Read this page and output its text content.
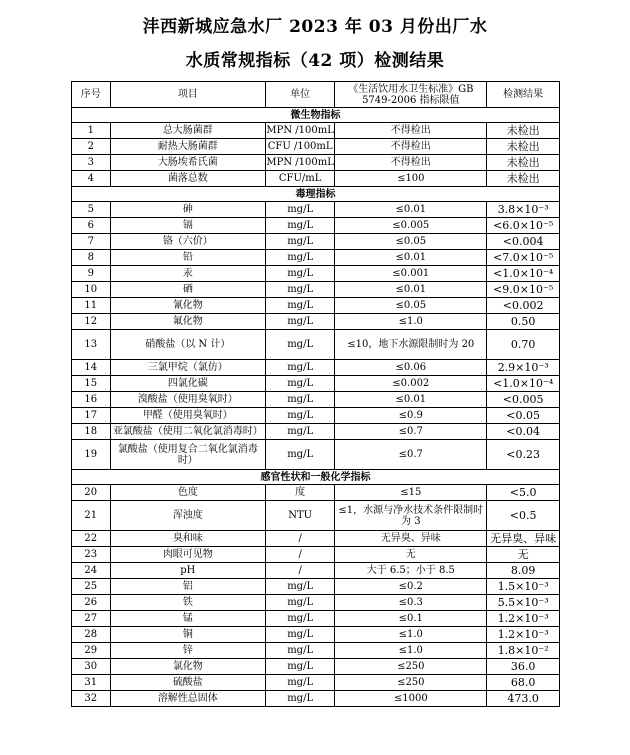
沣西新城应急水厂 2023 年 03 月份出厂水
水质常规指标（42 项）检测结果
序号	项目	单位	《生活饮用水卫生标准》GB 5749-2006 指标限值	检测结果
微生物指标				
1	总大肠菌群	MPN /100mL	不得检出	未检出
2	耐热大肠菌群	CFU /100mL	不得检出	未检出
3	大肠埃希氏菌	MPN /100mL	不得检出	未检出
4	菌落总数	CFU/mL	≤100	未检出
毒理指标				
5	砷	mg/L	≤0.01	3.8×10⁻³
6	镉	mg/L	≤0.005	<6.0×10⁻⁵
7	铬（六价）	mg/L	≤0.05	<0.004
8	铅	mg/L	≤0.01	<7.0×10⁻⁵
9	汞	mg/L	≤0.001	<1.0×10⁻⁴
10	硒	mg/L	≤0.01	<9.0×10⁻⁵
11	氰化物	mg/L	≤0.05	<0.002
12	氟化物	mg/L	≤1.0	0.50
13	硝酸盐（以 N 计）	mg/L	≤10，地下水源限制时为 20	0.70
14	三氯甲烷（氯仿）	mg/L	≤0.06	2.9×10⁻³
15	四氯化碳	mg/L	≤0.002	<1.0×10⁻⁴
16	溴酸盐（使用臭氧时）	mg/L	≤0.01	<0.005
17	甲醛（使用臭氧时）	mg/L	≤0.9	<0.05
18	亚氯酸盐（使用二氧化氯消毒时）	mg/L	≤0.7	<0.04
19	氯酸盐（使用复合二氧化氯消毒时）	mg/L	≤0.7	<0.23
感官性状和一般化学指标				
20	色度	度	≤15	<5.0
21	浑浊度	NTU	≤1，水源与净水技术条件限制时为 3	<0.5
22	臭和味	/	无异臭、异味	无异臭、异味
23	肉眼可见物	/	无	无
24	pH	/	大于 6.5；小于 8.5	8.09
25	铝	mg/L	≤0.2	1.5×10⁻³
26	铁	mg/L	≤0.3	5.5×10⁻³
27	锰	mg/L	≤0.1	1.2×10⁻³
28	铜	mg/L	≤1.0	1.2×10⁻³
29	锌	mg/L	≤1.0	1.8×10⁻²
30	氯化物	mg/L	≤250	36.0
31	硫酸盐	mg/L	≤250	68.0
32	溶解性总固体	mg/L	≤1000	473.0
